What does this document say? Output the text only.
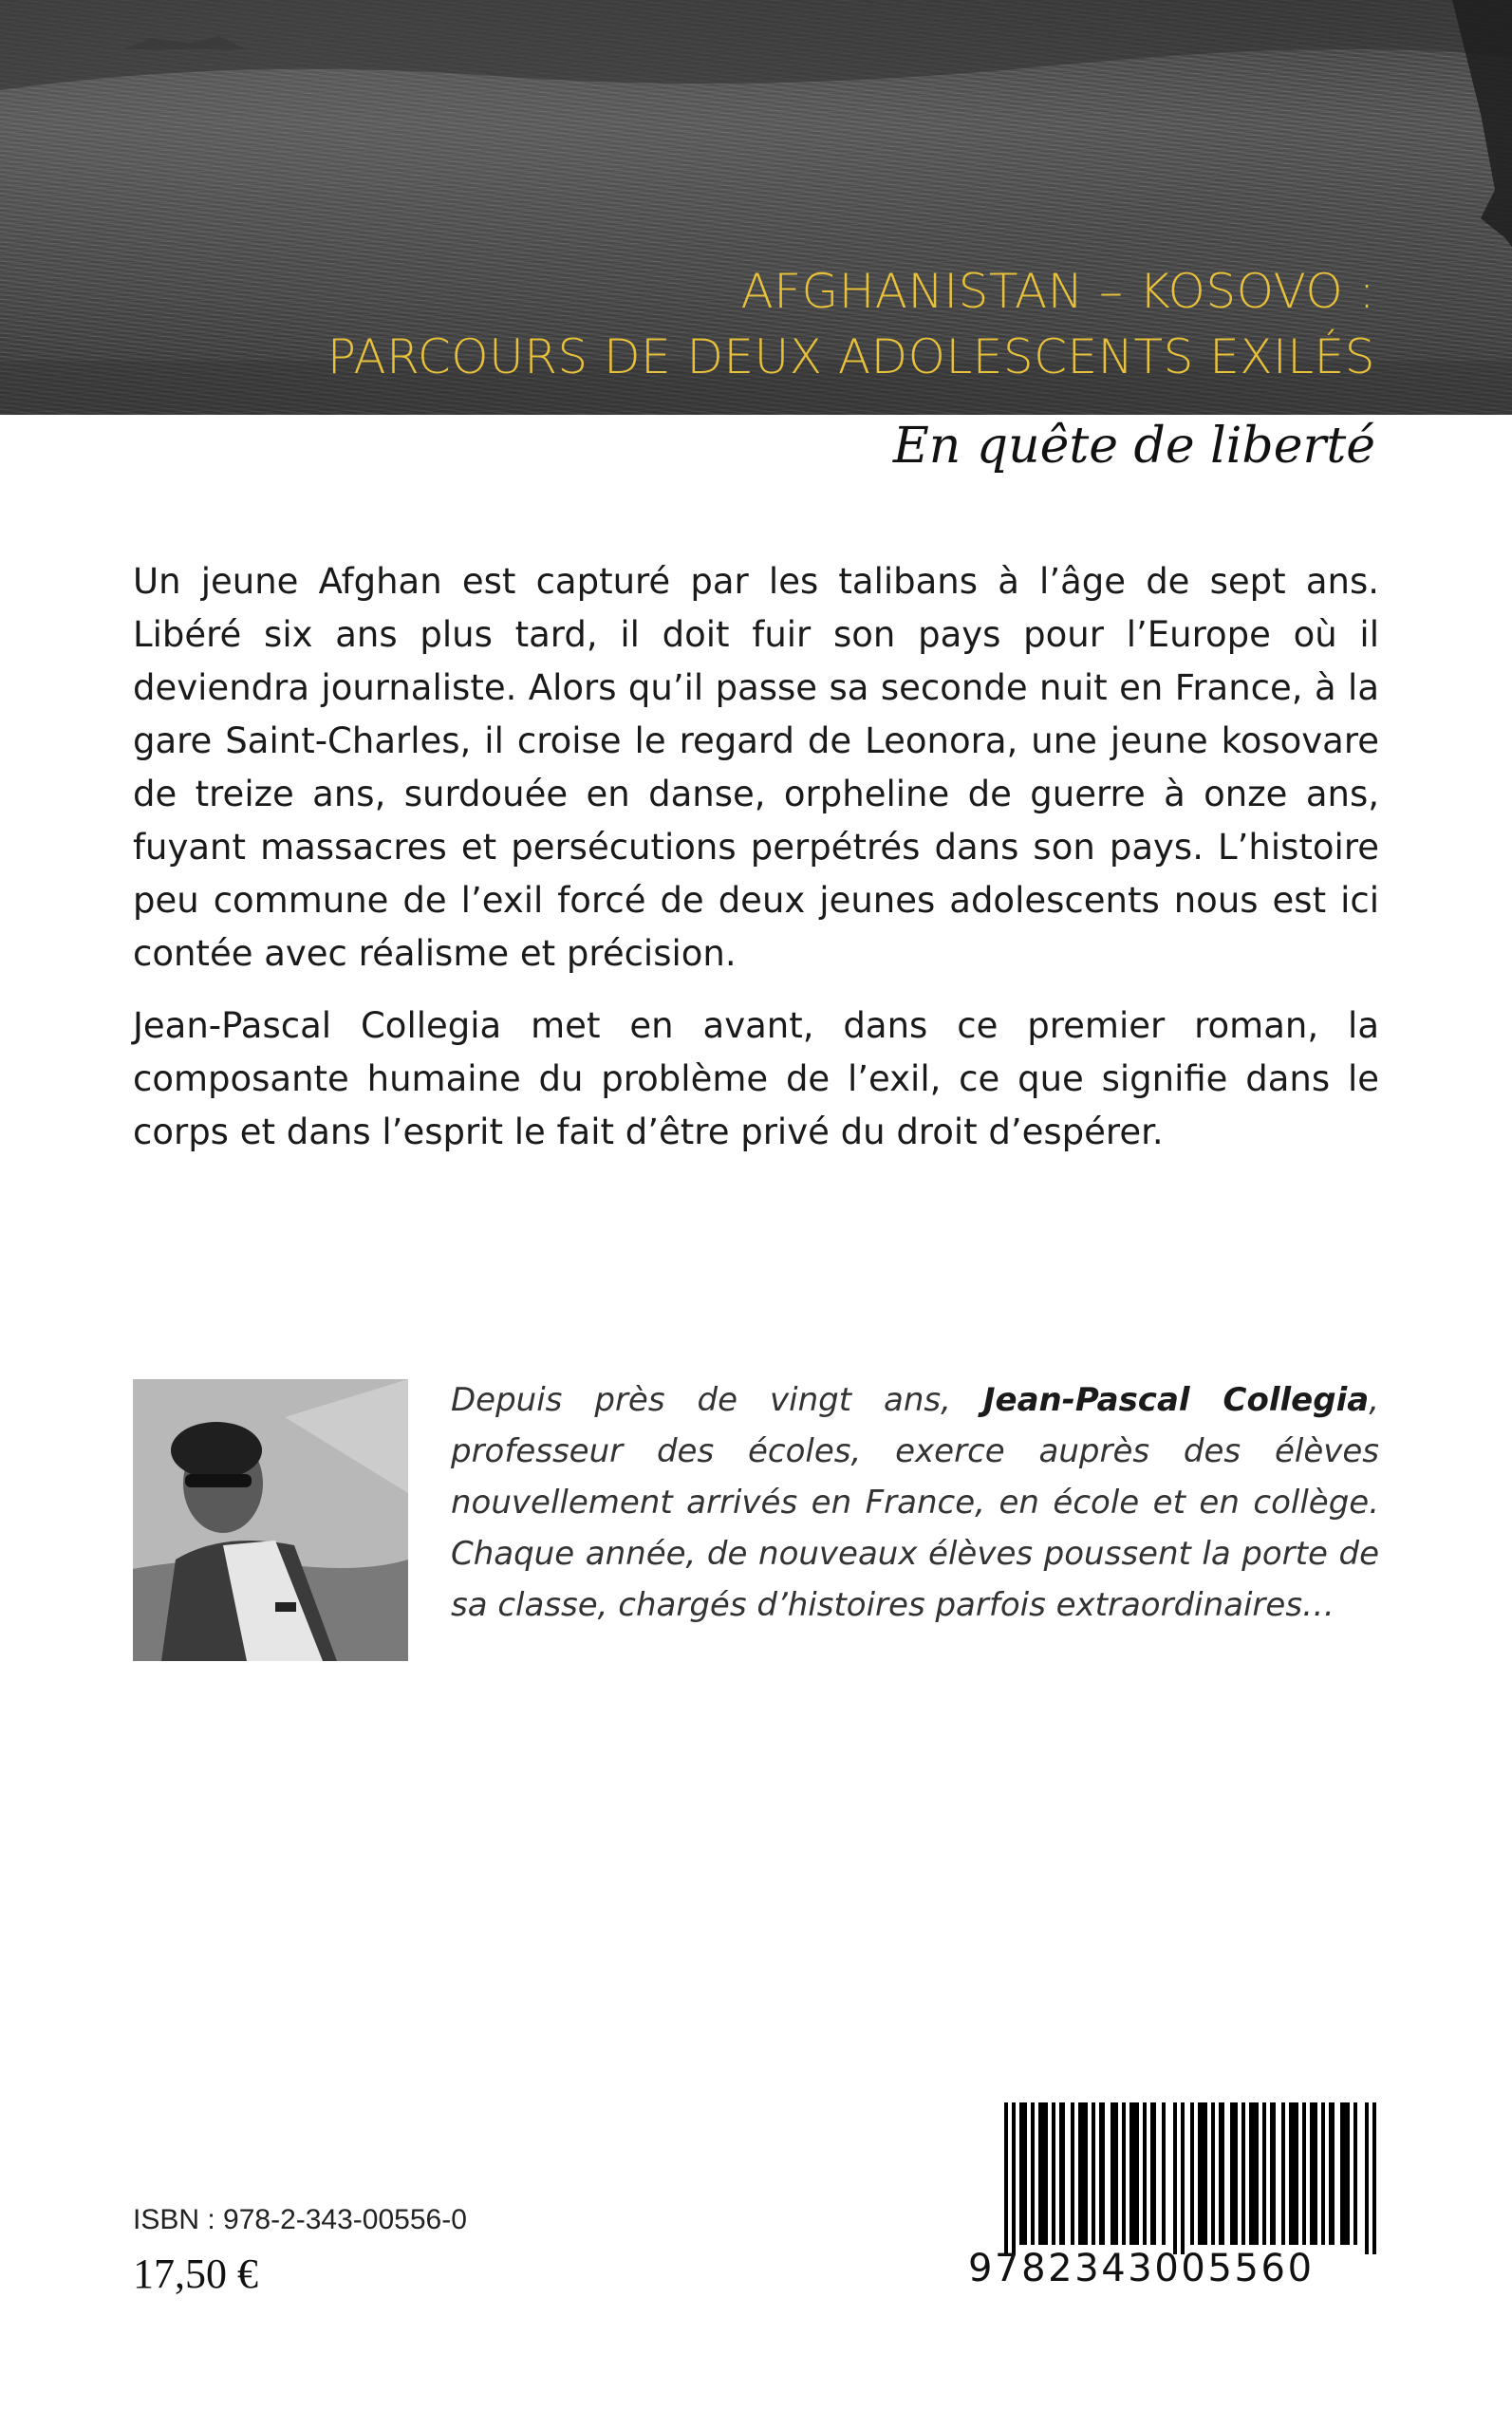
AFGHANISTAN – KOSOVO :
PARCOURS DE DEUX ADOLESCENTS EXILÉS
En quête de liberté

Un jeune Afghan est capturé par les talibans à l’âge de sept ans. Libéré six ans plus tard, il doit fuir son pays pour l’Europe où il deviendra journaliste. Alors qu’il passe sa seconde nuit en France, à la gare Saint-Charles, il croise le regard de Leonora, une jeune kosovare de treize ans, surdouée en danse, orpheline de guerre à onze ans, fuyant massacres et persécutions perpétrés dans son pays. L’histoire peu commune de l’exil forcé de deux jeunes adolescents nous est ici contée avec réalisme et précision.

Jean-Pascal Collegia met en avant, dans ce premier roman, la composante humaine du problème de l’exil, ce que signifie dans le corps et dans l’esprit le fait d’être privé du droit d’espérer.

Depuis près de vingt ans, Jean-Pascal Collegia, professeur des écoles, exerce auprès des élèves nouvellement arrivés en France, en école et en collège. Chaque année, de nouveaux élèves poussent la porte de sa classe, chargés d’histoires parfois extraordinaires…
ISBN : 978-2-343-00556-0
17,50 €	9782343005560
